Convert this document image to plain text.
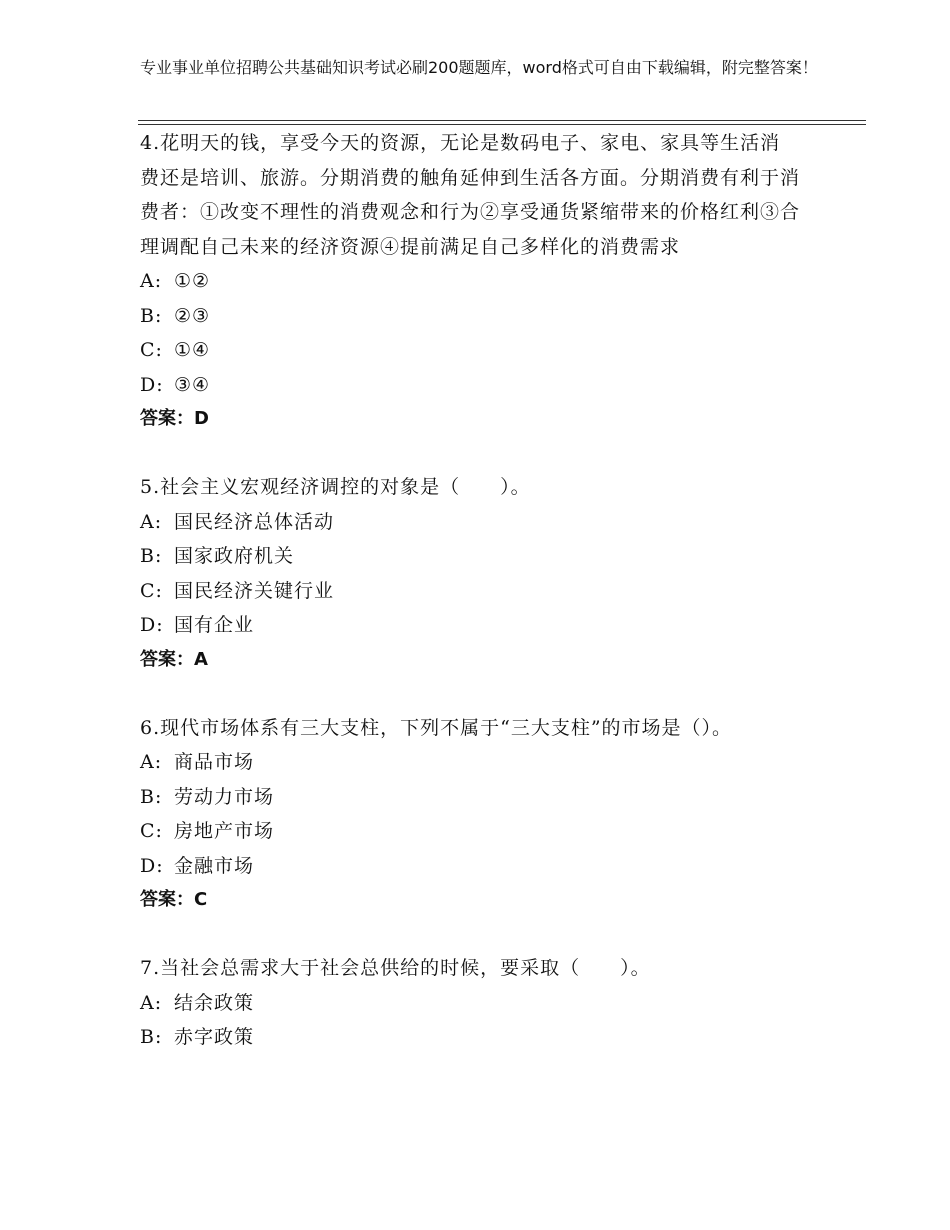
专业事业单位招聘公共基础知识考试必刷200题题库，word格式可自由下载编辑，附完整答案！
4.花明天的钱，享受今天的资源，无论是数码电子、家电、家具等生活消费还是培训、旅游。分期消费的触角延伸到生活各方面。分期消费有利于消费者：①改变不理性的消费观念和行为②享受通货紧缩带来的价格红利③合理调配自己未来的经济资源④提前满足自己多样化的消费需求
A: ①②
B: ②③
C: ①④
D: ③④
答案：D
5.社会主义宏观经济调控的对象是（　　）。
A: 国民经济总体活动
B: 国家政府机关
C: 国民经济关键行业
D: 国有企业
答案：A
6.现代市场体系有三大支柱，下列不属于“三大支柱”的市场是（）。
A: 商品市场
B: 劳动力市场
C: 房地产市场
D: 金融市场
答案：C
7.当社会总需求大于社会总供给的时候，要采取（　　）。
A: 结余政策
B: 赤字政策
